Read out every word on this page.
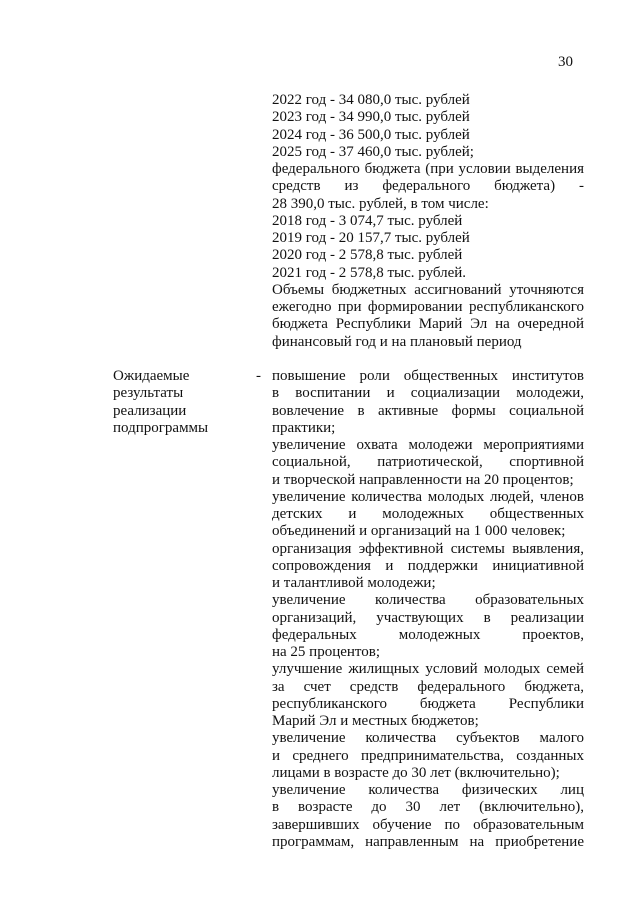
30
2022 год - 34 080,0 тыс. рублей
2023 год - 34 990,0 тыс. рублей
2024 год - 36 500,0 тыс. рублей
2025 год - 37 460,0 тыс. рублей;
федерального бюджета (при условии выделения
средств из федерального бюджета) -
28 390,0 тыс. рублей, в том числе:
2018 год - 3 074,7 тыс. рублей
2019 год - 20 157,7 тыс. рублей
2020 год - 2 578,8 тыс. рублей
2021 год - 2 578,8 тыс. рублей.
Объемы бюджетных ассигнований уточняются
ежегодно при формировании республиканского
бюджета Республики Марий Эл на очередной
финансовый год и на плановый период
Ожидаемые
результаты
реализации
подпрограммы
- повышение роли общественных институтов
в воспитании и социализации молодежи,
вовлечение в активные формы социальной
практики;
увеличение охвата молодежи мероприятиями
социальной, патриотической, спортивной
и творческой направленности на 20 процентов;
увеличение количества молодых людей, членов
детских и молодежных общественных
объединений и организаций на 1 000 человек;
организация эффективной системы выявления,
сопровождения и поддержки инициативной
и талантливой молодежи;
увеличение количества образовательных
организаций, участвующих в реализации
федеральных молодежных проектов,
на 25 процентов;
улучшение жилищных условий молодых семей
за счет средств федерального бюджета,
республиканского бюджета Республики
Марий Эл и местных бюджетов;
увеличение количества субъектов малого
и среднего предпринимательства, созданных
лицами в возрасте до 30 лет (включительно);
увеличение количества физических лиц
в возрасте до 30 лет (включительно),
завершивших обучение по образовательным
программам, направленным на приобретение
